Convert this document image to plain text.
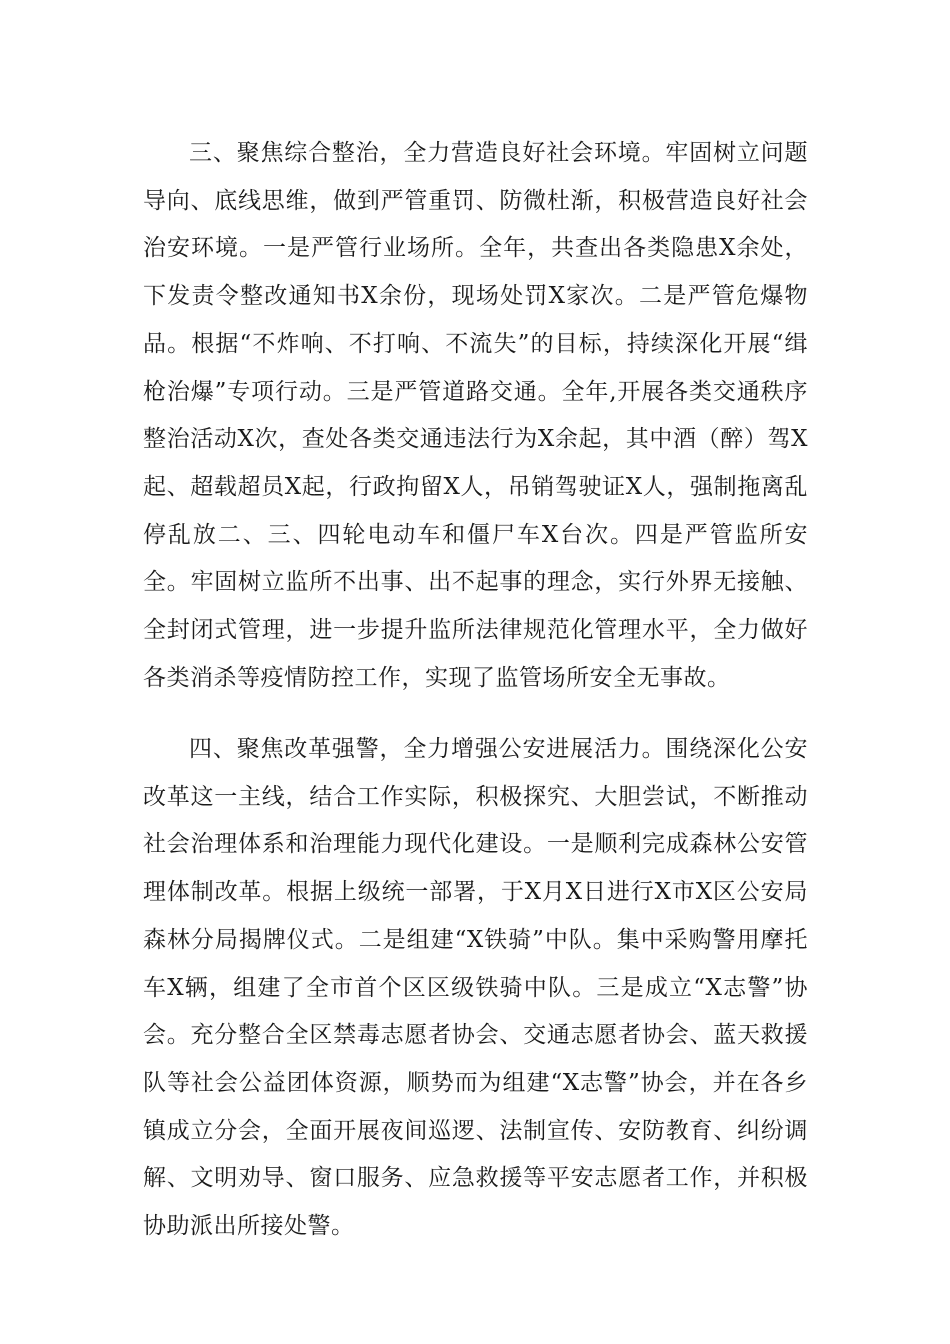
三、聚焦综合整治，全力营造良好社会环境。牢固树立问题导向、底线思维，做到严管重罚、防微杜渐，积极营造良好社会治安环境。一是严管行业场所。全年，共查出各类隐患X余处，下发责令整改通知书X余份，现场处罚X家次。二是严管危爆物品。根据“不炸响、不打响、不流失”的目标，持续深化开展“缉枪治爆”专项行动。三是严管道路交通。全年,开展各类交通秩序整治活动X次，查处各类交通违法行为X余起，其中酒（醉）驾X起、超载超员X起，行政拘留X人，吊销驾驶证X人，强制拖离乱停乱放二、三、四轮电动车和僵尸车X台次。四是严管监所安全。牢固树立监所不出事、出不起事的理念，实行外界无接触、全封闭式管理，进一步提升监所法律规范化管理水平，全力做好各类消杀等疫情防控工作，实现了监管场所安全无事故。

四、聚焦改革强警，全力增强公安进展活力。围绕深化公安改革这一主线，结合工作实际，积极探究、大胆尝试，不断推动社会治理体系和治理能力现代化建设。一是顺利完成森林公安管理体制改革。根据上级统一部署，于X月X日进行X市X区公安局森林分局揭牌仪式。二是组建“X铁骑”中队。集中采购警用摩托车X辆，组建了全市首个区区级铁骑中队。三是成立“X志警”协会。充分整合全区禁毒志愿者协会、交通志愿者协会、蓝天救援队等社会公益团体资源，顺势而为组建“X志警”协会，并在各乡镇成立分会，全面开展夜间巡逻、法制宣传、安防教育、纠纷调解、文明劝导、窗口服务、应急救援等平安志愿者工作，并积极协助派出所接处警。
